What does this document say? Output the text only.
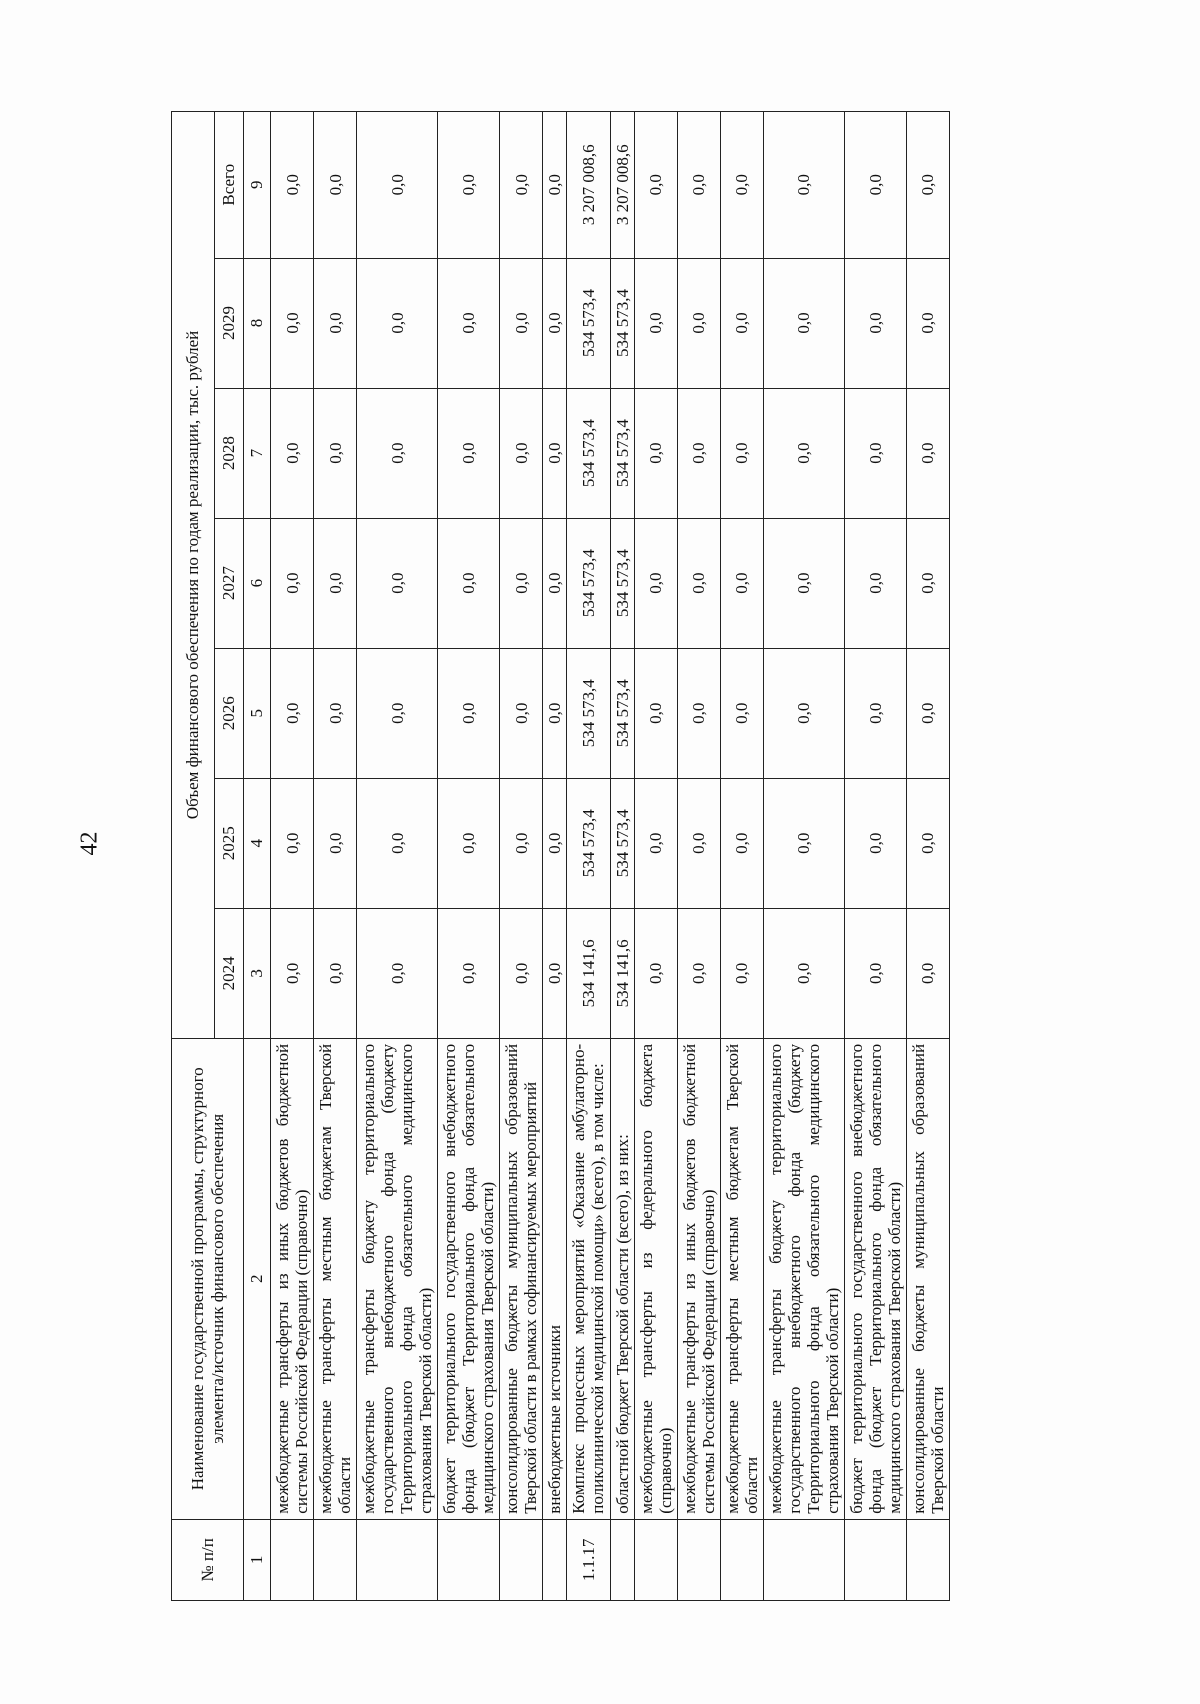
42
№ п/п	Наименование государственной программы, структурного элемента/источник финансового обеспечения	Объем финансового обеспечения по годам реализации, тыс. рублей						
		2024	2025	2026	2027	2028	2029	Всего
1	2	3	4	5	6	7	8	9
	межбюджетные трансферты из иных бюджетов бюджетной системы Российской Федерации (справочно)	0,0	0,0	0,0	0,0	0,0	0,0	0,0
	межбюджетные трансферты местным бюджетам Тверской области	0,0	0,0	0,0	0,0	0,0	0,0	0,0
	межбюджетные трансферты бюджету территориального государственного внебюджетного фонда (бюджету Территориального фонда обязательного медицинского страхования Тверской области)	0,0	0,0	0,0	0,0	0,0	0,0	0,0
	бюджет территориального государственного внебюджетного фонда (бюджет Территориального фонда обязательного медицинского страхования Тверской области)	0,0	0,0	0,0	0,0	0,0	0,0	0,0
	консолидированные бюджеты муниципальных образований Тверской области в рамках софинансируемых мероприятий	0,0	0,0	0,0	0,0	0,0	0,0	0,0
	внебюджетные источники	0,0	0,0	0,0	0,0	0,0	0,0	0,0
1.1.17	Комплекс процессных мероприятий «Оказание амбулаторно-поликлинической медицинской помощи» (всего), в том числе:	534 141,6	534 573,4	534 573,4	534 573,4	534 573,4	534 573,4	3 207 008,6
	областной бюджет Тверской области (всего), из них:	534 141,6	534 573,4	534 573,4	534 573,4	534 573,4	534 573,4	3 207 008,6
	межбюджетные трансферты из федерального бюджета (справочно)	0,0	0,0	0,0	0,0	0,0	0,0	0,0
	межбюджетные трансферты из иных бюджетов бюджетной системы Российской Федерации (справочно)	0,0	0,0	0,0	0,0	0,0	0,0	0,0
	межбюджетные трансферты местным бюджетам Тверской области	0,0	0,0	0,0	0,0	0,0	0,0	0,0
	межбюджетные трансферты бюджету территориального государственного внебюджетного фонда (бюджету Территориального фонда обязательного медицинского страхования Тверской области)	0,0	0,0	0,0	0,0	0,0	0,0	0,0
	бюджет территориального государственного внебюджетного фонда (бюджет Территориального фонда обязательного медицинского страхования Тверской области)	0,0	0,0	0,0	0,0	0,0	0,0	0,0
	консолидированные бюджеты муниципальных образований Тверской области	0,0	0,0	0,0	0,0	0,0	0,0	0,0
